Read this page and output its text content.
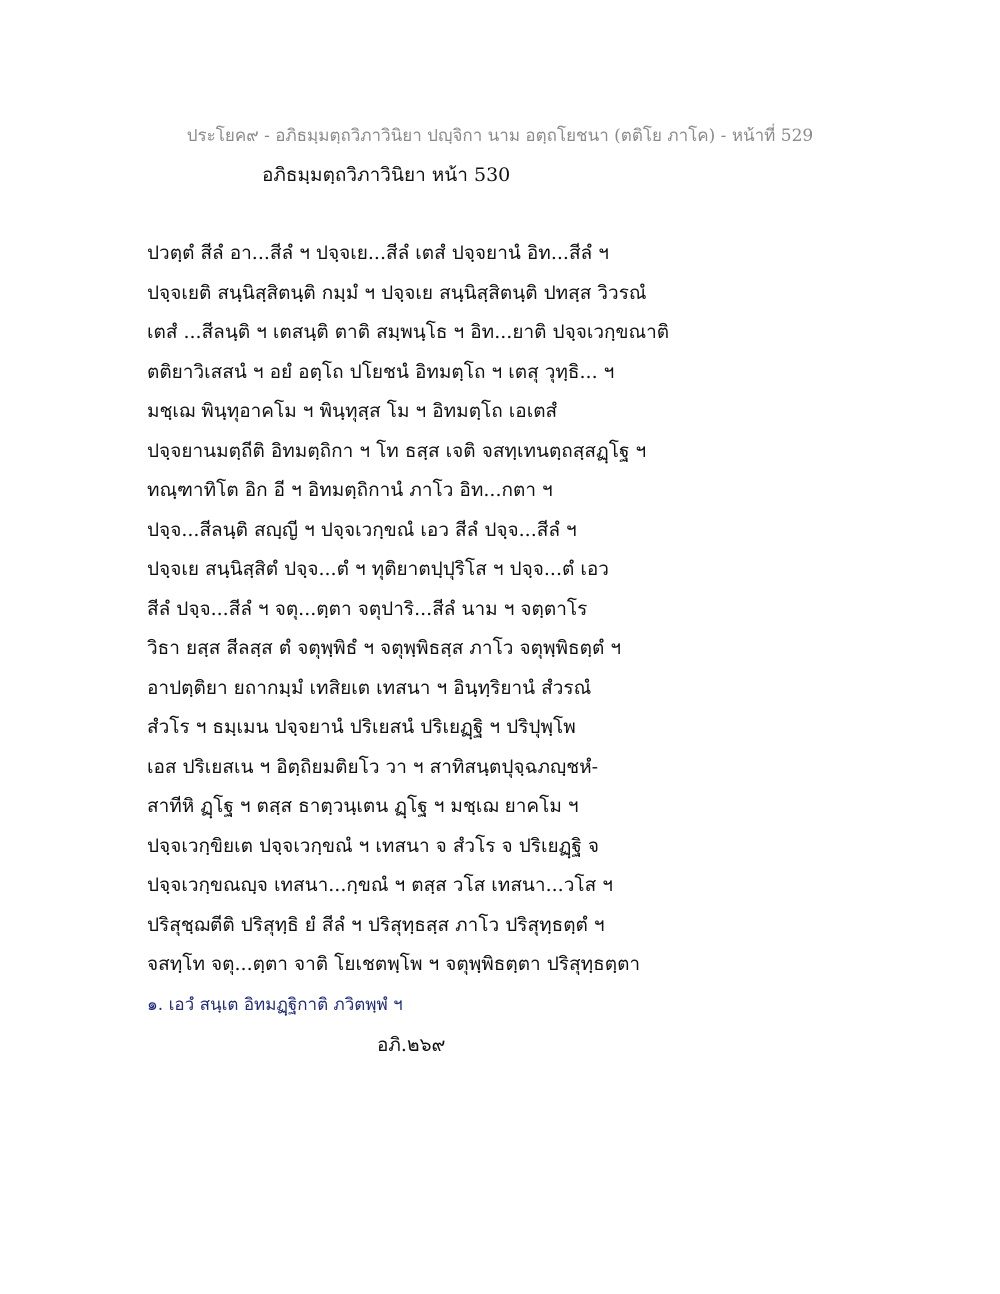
ประโยค๙ - อภิธมฺมตฺถวิภาวินิยา ปญฺจิกา นาม อตฺถโยชนา (ตติโย ภาโค) - หน้าที่ 529
อภิธมฺมตฺถวิภาวินิยา หน้า 530
ปวตฺตํ สีลํ อา...สีลํ ฯ ปจฺจเย...สีลํ เตสํ ปจฺจยานํ อิท...สีลํ ฯ
ปจฺจเยติ สนฺนิสฺสิตนฺติ กมฺมํ ฯ ปจฺจเย สนฺนิสฺสิตนฺติ ปทสฺส วิวรณํ
เตสํ ...สีลนฺติ ฯ เตสนฺติ ตาติ สมฺพนฺโธ ฯ อิท...ยาติ ปจฺจเวกฺขณาติ
ตติยาวิเสสนํ ฯ อยํ อตฺโถ ปโยชนํ อิทมตฺโถ ฯ เตสุ วุทฺธิ... ฯ
มชฺเฌ พินฺทุอาคโม ฯ พินฺทุสฺส โม ฯ อิทมตฺโถ เอเตสํ
ปจฺจยานมตฺถีติ อิทมตฺถิกา ฯ โท ธสฺส เจติ จสทฺเทนตฺถสฺสฏฺโฐ ฯ
ทณฺฑาทิโต อิก อี ฯ อิทมตฺถิกานํ ภาโว อิท...กตา ฯ
ปจฺจ...สีลนฺติ สญฺญี ฯ ปจฺจเวกฺขณํ เอว สีลํ ปจฺจ...สีลํ ฯ
ปจฺจเย สนฺนิสฺสิตํ ปจฺจ...ตํ ฯ ทุติยาตปฺปุริโส ฯ ปจฺจ...ตํ เอว
สีลํ ปจฺจ...สีลํ ฯ จตุ...ตฺตา จตุปาริ...สีลํ นาม ฯ จตฺตาโร
วิธา ยสฺส สีลสฺส ตํ จตุพฺพิธํ ฯ จตุพฺพิธสฺส ภาโว จตุพฺพิธตฺตํ ฯ
อาปตฺติยา ยถากมฺมํ เทสิยเต เทสนา ฯ อินฺทฺริยานํ สํวรณํ
สํวโร ฯ ธมฺเมน ปจฺจยานํ ปริเยสนํ ปริเยฏฺฐิ ฯ ปริปุพฺโพ
เอส ปริเยสเน ฯ อิตฺถิยมติยโว วา ฯ สาทิสนฺตปุจฺฉภญฺชหํ-
สาทีหิ ฏฺโฐ ฯ ตสฺส ธาตฺวนฺเตน ฏฺโฐ ฯ มชฺเฌ ยาคโม ฯ
ปจฺจเวกฺขิยเต ปจฺจเวกฺขณํ ฯ เทสนา จ สํวโร จ ปริเยฏฺฐิ จ
ปจฺจเวกฺขณญฺจ เทสนา...กฺขณํ ฯ ตสฺส วโส เทสนา...วโส ฯ
ปริสุชฺฌตีติ ปริสุทฺธิ ยํ สีลํ ฯ ปริสุทฺธสฺส ภาโว ปริสุทฺธตฺตํ ฯ
จสทฺโท จตุ...ตฺตา จาติ โยเชตพฺโพ ฯ จตุพฺพิธตฺตา ปริสุทฺธตฺตา
๑. เอวํ สนฺเต อิทมฏฺฐิกาติ ภวิตพฺพํ ฯ
อภิ.๒๖๙
